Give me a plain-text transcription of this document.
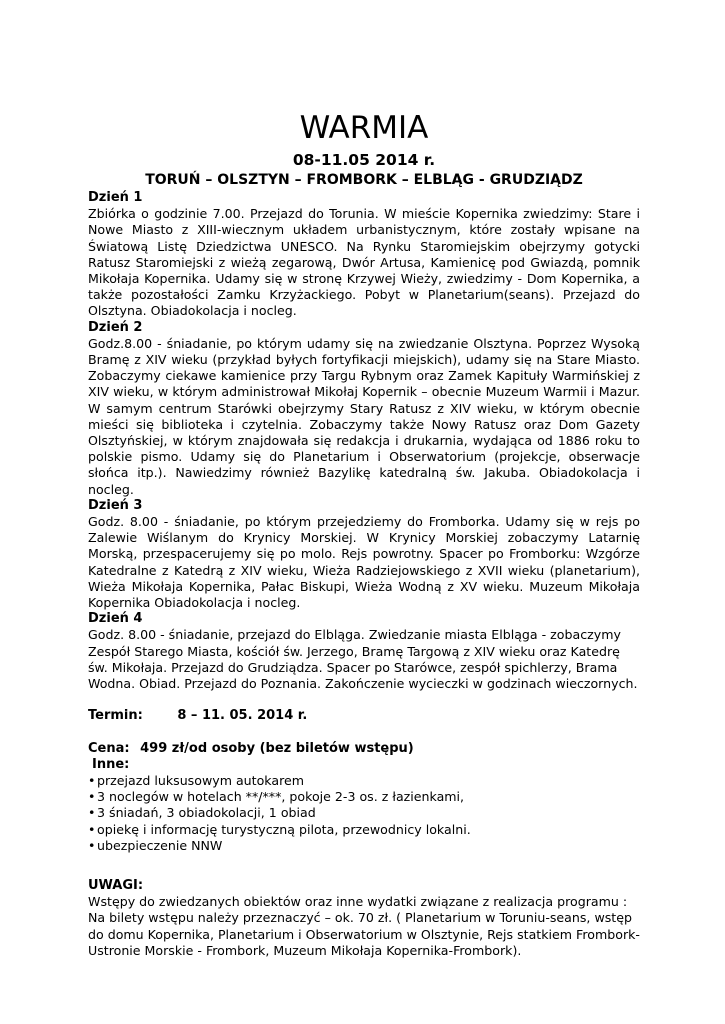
WARMIA
08-11.05 2014 r.
TORUŃ – OLSZTYN – FROMBORK – ELBLĄG - GRUDZIĄDZ
Dzień 1

Zbiórka o godzinie 7.00. Przejazd do Torunia. W mieście Kopernika zwiedzimy: Stare i Nowe Miasto z XIII-wiecznym układem urbanistycznym, które zostały wpisane na Światową Listę Dziedzictwa UNESCO. Na Rynku Staromiejskim obejrzymy gotycki Ratusz Staromiejski z wieżą zegarową, Dwór Artusa, Kamienicę pod Gwiazdą, pomnik Mikołaja Kopernika. Udamy się w stronę Krzywej Wieży, zwiedzimy - Dom Kopernika, a także pozostałości Zamku Krzyżackiego. Pobyt w Planetarium(seans). Przejazd do Olsztyna. Obiadokolacja i nocleg.

Dzień 2

Godz.8.00 - śniadanie, po którym udamy się na zwiedzanie Olsztyna. Poprzez Wysoką Bramę z XIV wieku (przykład byłych fortyfikacji miejskich), udamy się na Stare Miasto. Zobaczymy ciekawe kamienice przy Targu Rybnym oraz Zamek Kapituły Warmińskiej z XIV wieku, w którym administrował Mikołaj Kopernik – obecnie Muzeum Warmii i Mazur. W samym centrum Starówki obejrzymy Stary Ratusz z XIV wieku, w którym obecnie mieści się biblioteka i czytelnia. Zobaczymy także Nowy Ratusz oraz Dom Gazety Olsztyńskiej, w którym znajdowała się redakcja i drukarnia, wydająca od 1886 roku to polskie pismo. Udamy się do Planetarium i Obserwatorium (projekcje, obserwacje słońca itp.). Nawiedzimy również Bazylikę katedralną św. Jakuba. Obiadokolacja i nocleg.

Dzień 3

Godz. 8.00 - śniadanie, po którym przejedziemy do Fromborka. Udamy się w rejs po Zalewie Wiślanym do Krynicy Morskiej. W Krynicy Morskiej zobaczymy Latarnię Morską, przespacerujemy się po molo. Rejs powrotny. Spacer po Fromborku: Wzgórze Katedralne z Katedrą z XIV wieku, Wieża Radziejowskiego z XVII wieku (planetarium), Wieża Mikołaja Kopernika, Pałac Biskupi, Wieża Wodną z XV wieku. Muzeum Mikołaja Kopernika Obiadokolacja i nocleg.

Dzień 4

Godz. 8.00 - śniadanie, przejazd do Elbląga. Zwiedzanie miasta Elbląga - zobaczymy Zespół Starego Miasta, kościół św. Jerzego, Bramę Targową z XIV wieku oraz Katedrę św. Mikołaja. Przejazd do Grudziądza. Spacer po Starówce, zespół spichlerzy, Brama Wodna. Obiad. Przejazd do Poznania. Zakończenie wycieczki w godzinach wieczornych.

Termin:	8 – 11. 05. 2014 r.
Cena: 499 zł/od osoby (bez biletów wstępu)
Inne:
• przejazd luksusowym autokarem
• 3 noclegów w hotelach **/***, pokoje 2-3 os. z łazienkami,
• 3 śniadań, 3 obiadokolacji, 1 obiad
• opiekę i informację turystyczną pilota, przewodnicy lokalni.
• ubezpieczenie NNW
UWAGI:

Wstępy do zwiedzanych obiektów oraz inne wydatki związane z realizacja programu :

Na bilety wstępu należy przeznaczyć – ok. 70 zł. ( Planetarium w Toruniu-seans, wstęp do domu Kopernika, Planetarium i Obserwatorium w Olsztynie, Rejs statkiem Frombork-Ustronie Morskie - Frombork, Muzeum Mikołaja Kopernika-Frombork).
